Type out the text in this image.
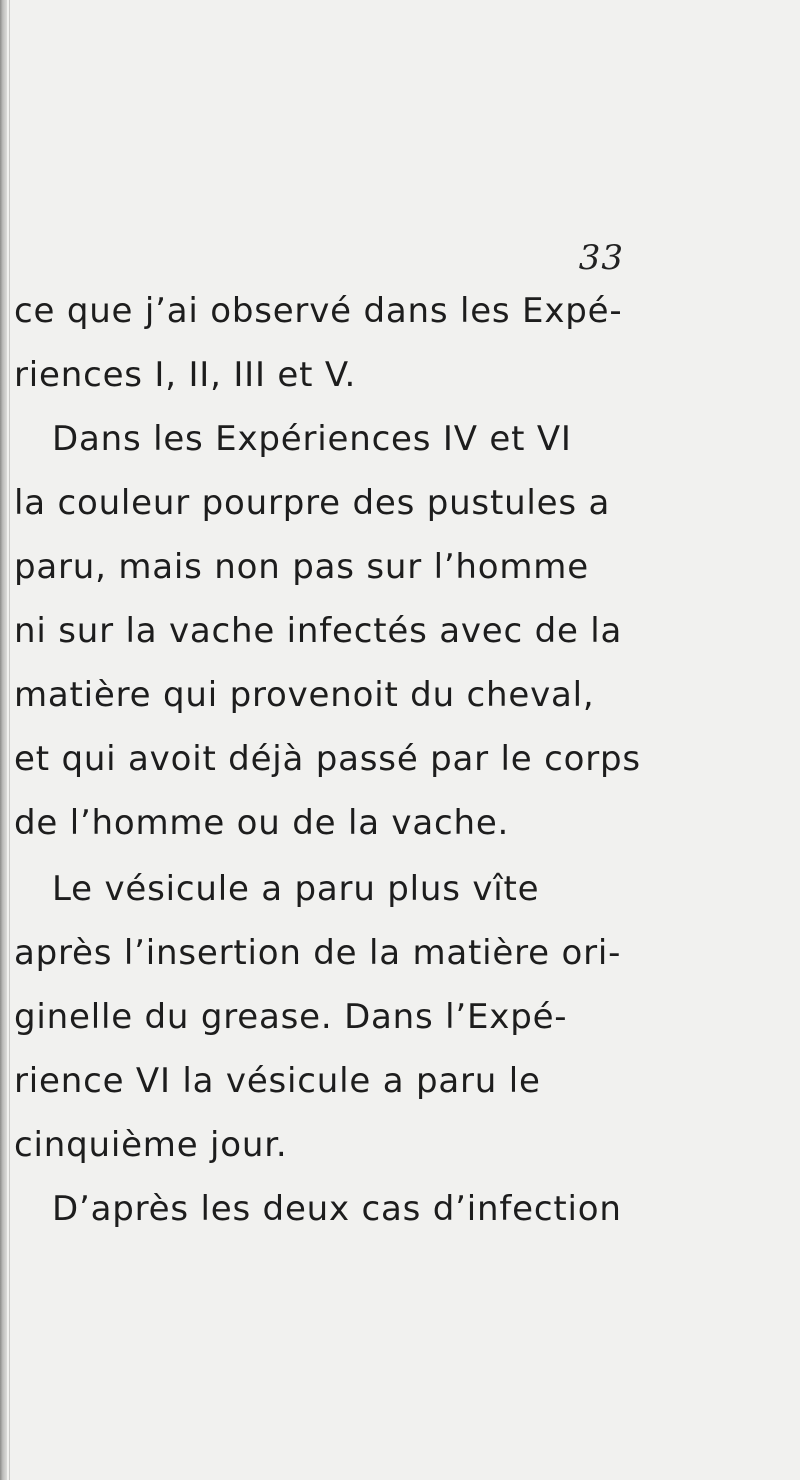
33
ce que j’ai observé dans les Expé-
riences I, II, III et V.
Dans les Expériences IV et VI
la couleur pourpre des pustules a
paru, mais non pas sur l’homme
ni sur la vache infectés avec de la
matière qui provenoit du cheval,
et qui avoit déjà passé par le corps
de l’homme ou de la vache.
Le vésicule a paru plus vîte
après l’insertion de la matière ori-
ginelle du grease. Dans l’Expé-
rience VI la vésicule a paru le
cinquième jour.
D’après les deux cas d’infection
